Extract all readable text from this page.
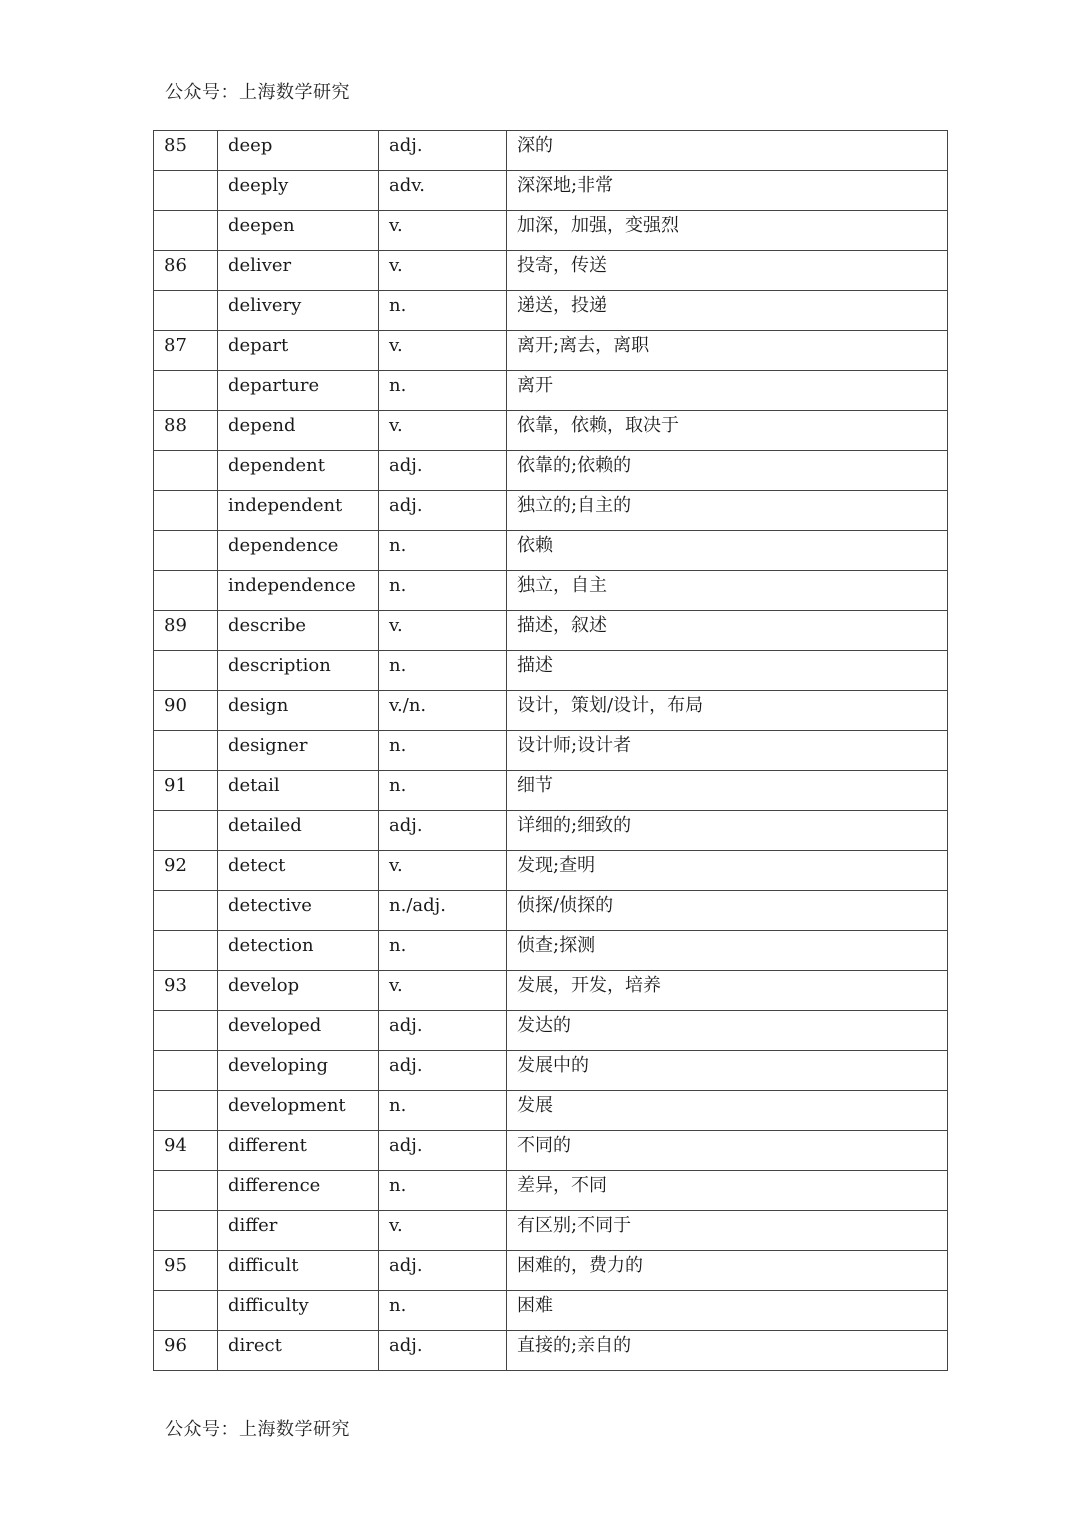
公众号：上海数学研究
85	deep	adj.	深的
	deeply	adv.	深深地;非常
	deepen	v.	加深，加强，变强烈
86	deliver	v.	投寄，传送
	delivery	n.	递送，投递
87	depart	v.	离开;离去，离职
	departure	n.	离开
88	depend	v.	依靠，依赖，取决于
	dependent	adj.	依靠的;依赖的
	independent	adj.	独立的;自主的
	dependence	n.	依赖
	independence	n.	独立，自主
89	describe	v.	描述，叙述
	description	n.	描述
90	design	v./n.	设计，策划/设计，布局
	designer	n.	设计师;设计者
91	detail	n.	细节
	detailed	adj.	详细的;细致的
92	detect	v.	发现;查明
	detective	n./adj.	侦探/侦探的
	detection	n.	侦查;探测
93	develop	v.	发展，开发，培养
	developed	adj.	发达的
	developing	adj.	发展中的
	development	n.	发展
94	different	adj.	不同的
	difference	n.	差异，不同
	differ	v.	有区别;不同于
95	difficult	adj.	困难的，费力的
	difficulty	n.	困难
96	direct	adj.	直接的;亲自的
公众号：上海数学研究
